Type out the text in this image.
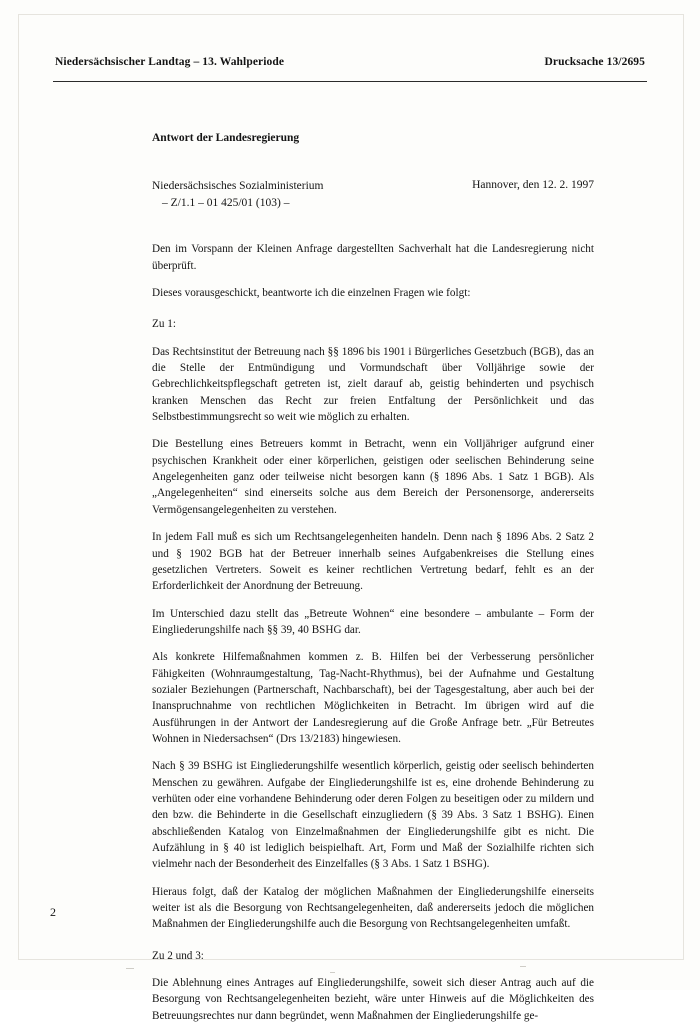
Niedersächsischer Landtag – 13. Wahlperiode	Drucksache 13/2695
Antwort der Landesregierung
Niedersächsisches Sozialministerium
– Z/1.1 – 01 425/01 (103) –
Hannover, den 12. 2. 1997

Den im Vorspann der Kleinen Anfrage dargestellten Sachverhalt hat die Landesregierung nicht überprüft.

Dieses vorausgeschickt, beantworte ich die einzelnen Fragen wie folgt:

Zu 1:

Das Rechtsinstitut der Betreuung nach §§ 1896 bis 1901 i Bürgerliches Gesetzbuch (BGB), das an die Stelle der Entmündigung und Vormundschaft über Volljährige sowie der Gebrechlichkeitspflegschaft getreten ist, zielt darauf ab, geistig behinderten und psychisch kranken Menschen das Recht zur freien Entfaltung der Persönlichkeit und das Selbstbestimmungsrecht so weit wie möglich zu erhalten.

Die Bestellung eines Betreuers kommt in Betracht, wenn ein Volljähriger aufgrund einer psychischen Krankheit oder einer körperlichen, geistigen oder seelischen Behinderung seine Angelegenheiten ganz oder teilweise nicht besorgen kann (§ 1896 Abs. 1 Satz 1 BGB). Als „Angelegenheiten“ sind einerseits solche aus dem Bereich der Personensorge, andererseits Vermögensangelegenheiten zu verstehen.

In jedem Fall muß es sich um Rechtsangelegenheiten handeln. Denn nach § 1896 Abs. 2 Satz 2 und § 1902 BGB hat der Betreuer innerhalb seines Aufgabenkreises die Stellung eines gesetzlichen Vertreters. Soweit es keiner rechtlichen Vertretung bedarf, fehlt es an der Erforderlichkeit der Anordnung der Betreuung.

Im Unterschied dazu stellt das „Betreute Wohnen“ eine besondere – ambulante – Form der Eingliederungshilfe nach §§ 39, 40 BSHG dar.

Als konkrete Hilfemaßnahmen kommen z. B. Hilfen bei der Verbesserung persönlicher Fähigkeiten (Wohnraumgestaltung, Tag-Nacht-Rhythmus), bei der Aufnahme und Gestaltung sozialer Beziehungen (Partnerschaft, Nachbarschaft), bei der Tagesgestaltung, aber auch bei der Inanspruchnahme von rechtlichen Möglichkeiten in Betracht. Im übrigen wird auf die Ausführungen in der Antwort der Landesregierung auf die Große Anfrage betr. „Für Betreutes Wohnen in Niedersachsen“ (Drs 13/2183) hingewiesen.

Nach § 39 BSHG ist Eingliederungshilfe wesentlich körperlich, geistig oder seelisch behinderten Menschen zu gewähren. Aufgabe der Eingliederungshilfe ist es, eine drohende Behinderung zu verhüten oder eine vorhandene Behinderung oder deren Folgen zu beseitigen oder zu mildern und den bzw. die Behinderte in die Gesellschaft einzugliedern (§ 39 Abs. 3 Satz 1 BSHG). Einen abschließenden Katalog von Einzelmaßnahmen der Eingliederungshilfe gibt es nicht. Die Aufzählung in § 40 ist lediglich beispielhaft. Art, Form und Maß der Sozialhilfe richten sich vielmehr nach der Besonderheit des Einzelfalles (§ 3 Abs. 1 Satz 1 BSHG).

Hieraus folgt, daß der Katalog der möglichen Maßnahmen der Eingliederungshilfe einerseits weiter ist als die Besorgung von Rechtsangelegenheiten, daß andererseits jedoch die möglichen Maßnahmen der Eingliederungshilfe auch die Besorgung von Rechtsangelegenheiten umfaßt.

Zu 2 und 3:

Die Ablehnung eines Antrages auf Eingliederungshilfe, soweit sich dieser Antrag auch auf die Besorgung von Rechtsangelegenheiten bezieht, wäre unter Hinweis auf die Möglichkeiten des Betreuungsrechtes nur dann begründet, wenn Maßnahmen der Eingliederungshilfe ge-

2
